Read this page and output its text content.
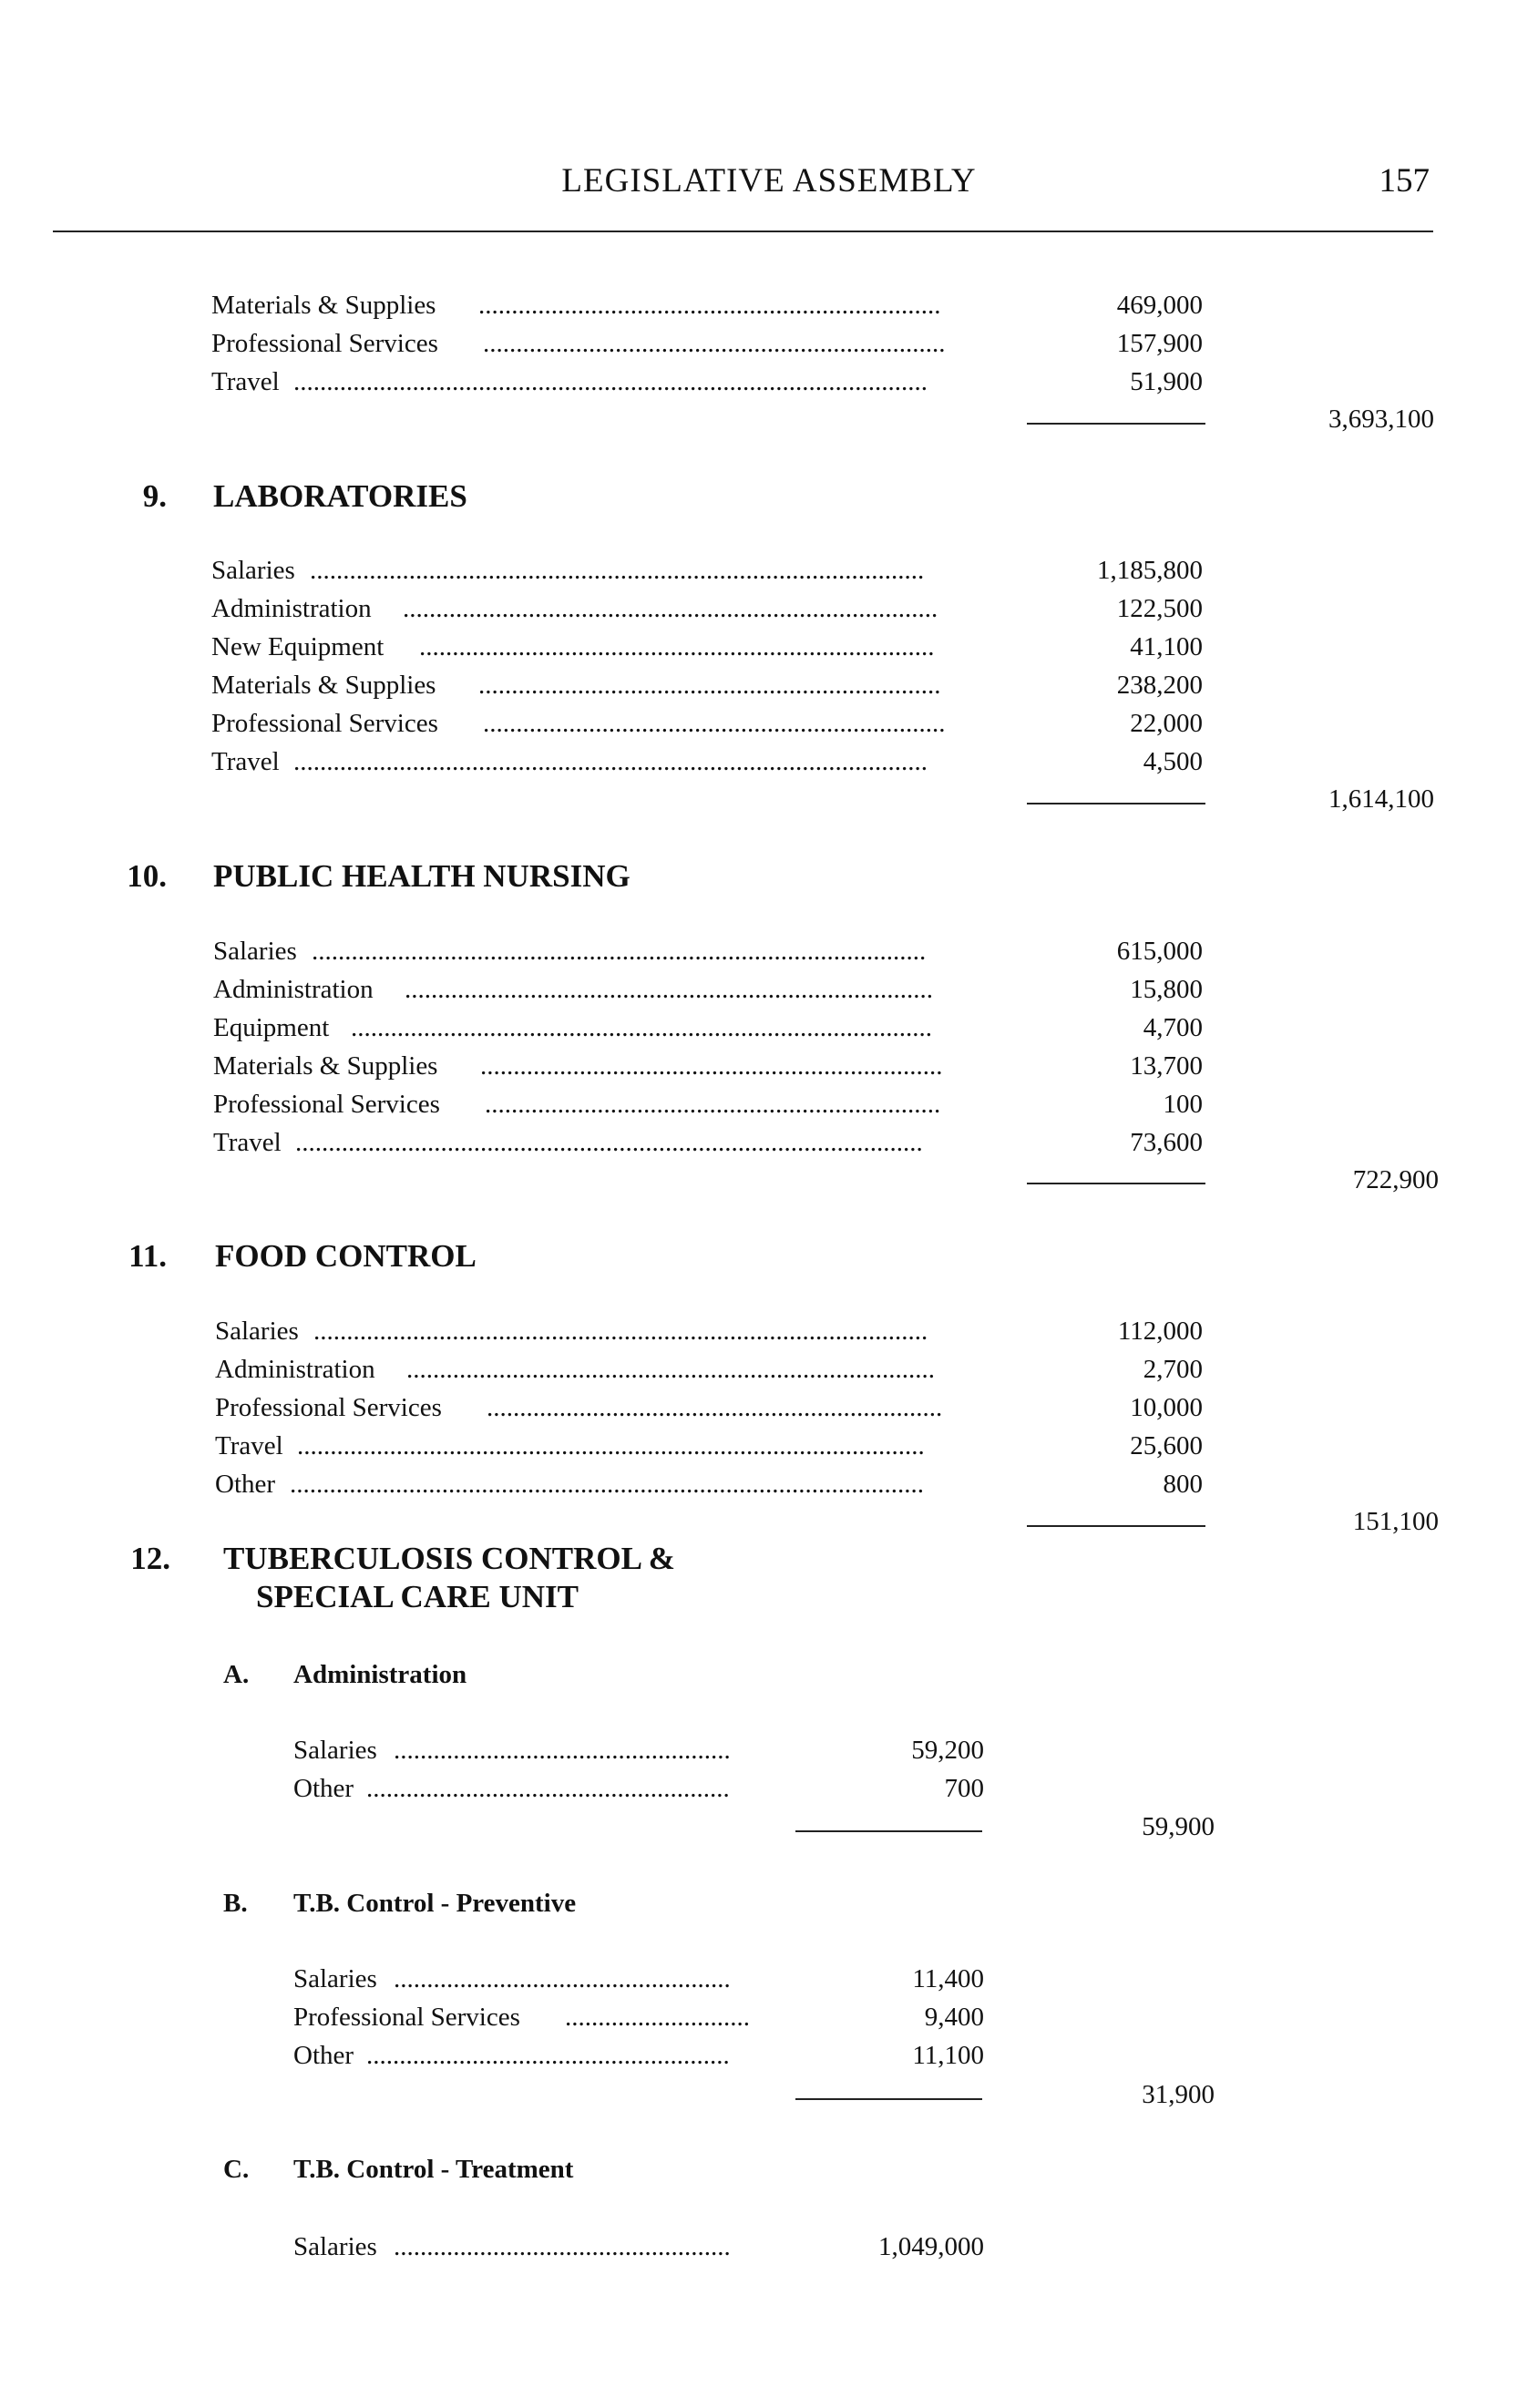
LEGISLATIVE ASSEMBLY	157
Materials & Supplies ......................................................................	469,000
Professional Services ......................................................................	157,900
Travel ................................................................................................	51,900
3,693,100
9. LABORATORIES
Salaries .............................................................................................	1,185,800
Administration .................................................................................	122,500
New Equipment ..............................................................................	41,100
Materials & Supplies ......................................................................	238,200
Professional Services ......................................................................	22,000
Travel ................................................................................................	4,500
1,614,100
10. PUBLIC HEALTH NURSING
Salaries .............................................................................................	615,000
Administration ................................................................................	15,800
Equipment ........................................................................................	4,700
Materials & Supplies ......................................................................	13,700
Professional Services .....................................................................	100
Travel ...............................................................................................	73,600
722,900
11. FOOD CONTROL
Salaries .............................................................................................	112,000
Administration ................................................................................	2,700
Professional Services .....................................................................	10,000
Travel ...............................................................................................	25,600
Other ................................................................................................	800
151,100
12. TUBERCULOSIS CONTROL &
SPECIAL CARE UNIT
A. Administration
Salaries ...................................................	59,200
Other .......................................................	700
59,900
B. T.B. Control - Preventive
Salaries ...................................................	11,400
Professional Services ............................	9,400
Other .......................................................	11,100
31,900
C. T.B. Control - Treatment
Salaries ...................................................	1,049,000
